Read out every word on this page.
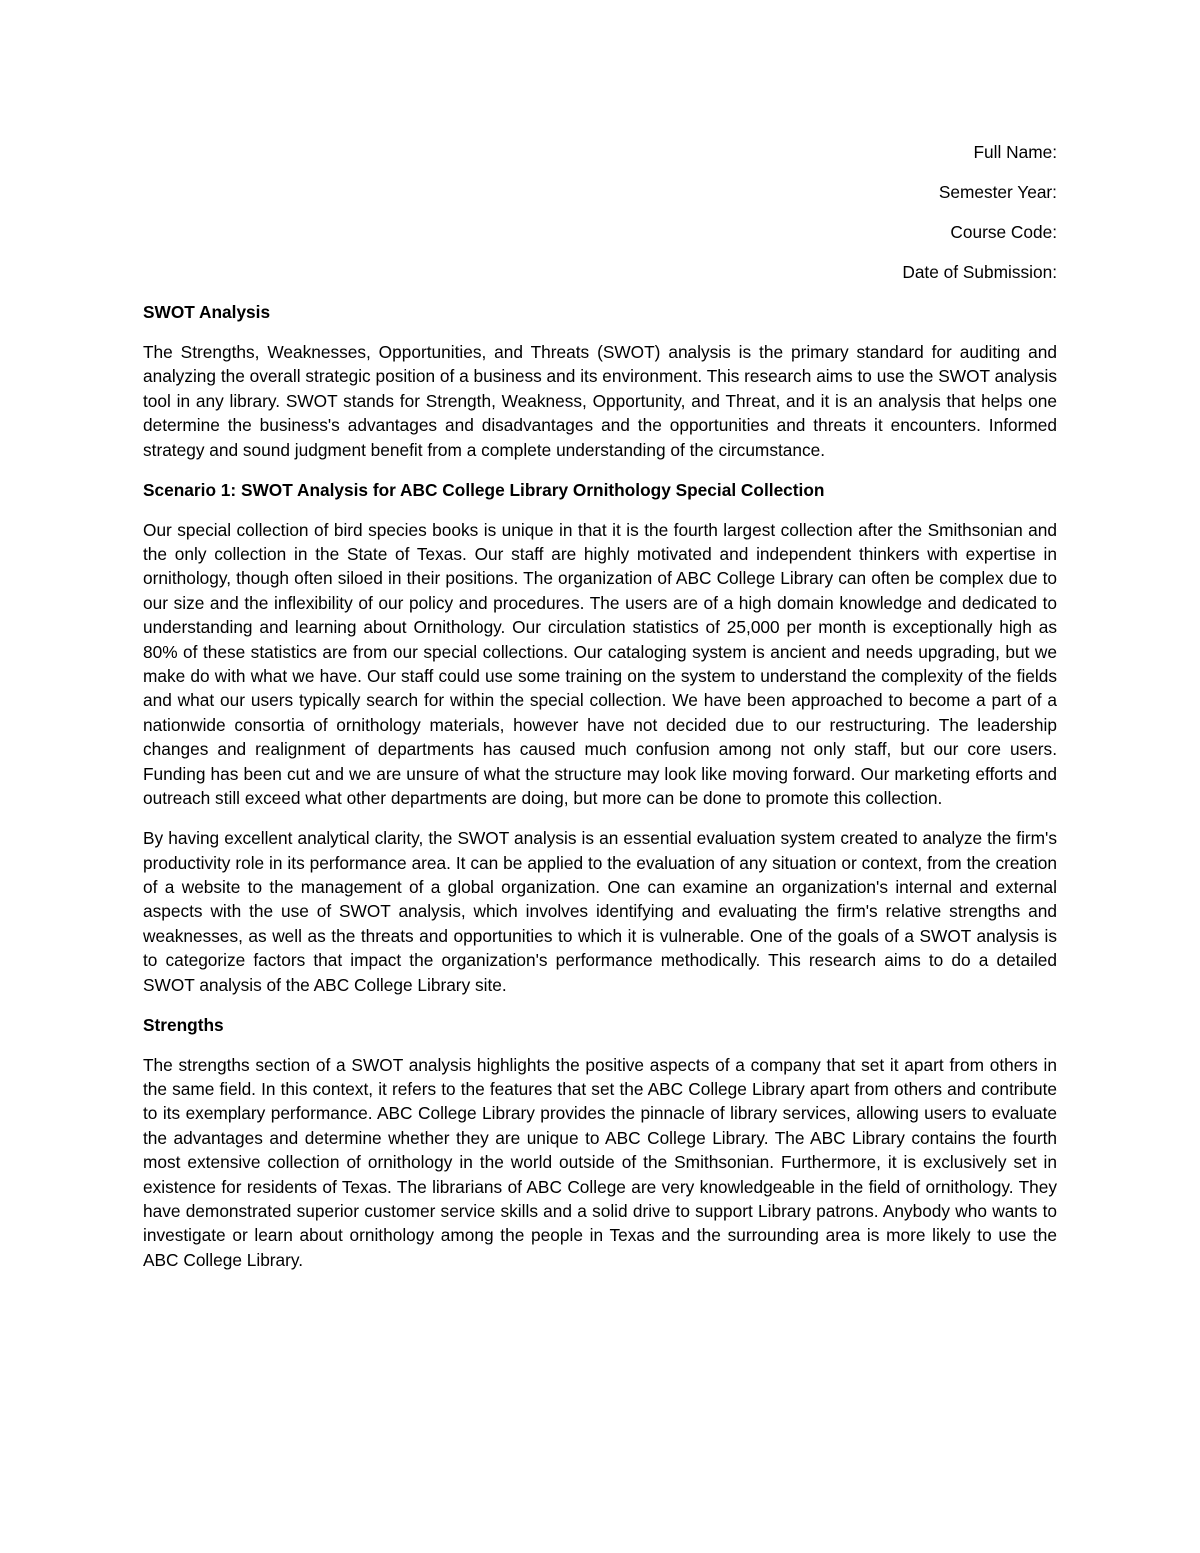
Full Name:

Semester Year:

Course Code:

Date of Submission:

SWOT Analysis

The Strengths, Weaknesses, Opportunities, and Threats (SWOT) analysis is the primary standard for auditing and analyzing the overall strategic position of a business and its environment. This research aims to use the SWOT analysis tool in any library. SWOT stands for Strength, Weakness, Opportunity, and Threat, and it is an analysis that helps one determine the business's advantages and disadvantages and the opportunities and threats it encounters. Informed strategy and sound judgment benefit from a complete understanding of the circumstance.

Scenario 1: SWOT Analysis for ABC College Library Ornithology Special Collection

Our special collection of bird species books is unique in that it is the fourth largest collection after the Smithsonian and the only collection in the State of Texas. Our staff are highly motivated and independent thinkers with expertise in ornithology, though often siloed in their positions. The organization of ABC College Library can often be complex due to our size and the inflexibility of our policy and procedures. The users are of a high domain knowledge and dedicated to understanding and learning about Ornithology. Our circulation statistics of 25,000 per month is exceptionally high as 80% of these statistics are from our special collections. Our cataloging system is ancient and needs upgrading, but we make do with what we have. Our staff could use some training on the system to understand the complexity of the fields and what our users typically search for within the special collection. We have been approached to become a part of a nationwide consortia of ornithology materials, however have not decided due to our restructuring. The leadership changes and realignment of departments has caused much confusion among not only staff, but our core users. Funding has been cut and we are unsure of what the structure may look like moving forward. Our marketing efforts and outreach still exceed what other departments are doing, but more can be done to promote this collection.

By having excellent analytical clarity, the SWOT analysis is an essential evaluation system created to analyze the firm's productivity role in its performance area. It can be applied to the evaluation of any situation or context, from the creation of a website to the management of a global organization. One can examine an organization's internal and external aspects with the use of SWOT analysis, which involves identifying and evaluating the firm's relative strengths and weaknesses, as well as the threats and opportunities to which it is vulnerable. One of the goals of a SWOT analysis is to categorize factors that impact the organization's performance methodically. This research aims to do a detailed SWOT analysis of the ABC College Library site.

Strengths

The strengths section of a SWOT analysis highlights the positive aspects of a company that set it apart from others in the same field. In this context, it refers to the features that set the ABC College Library apart from others and contribute to its exemplary performance. ABC College Library provides the pinnacle of library services, allowing users to evaluate the advantages and determine whether they are unique to ABC College Library. The ABC Library contains the fourth most extensive collection of ornithology in the world outside of the Smithsonian. Furthermore, it is exclusively set in existence for residents of Texas. The librarians of ABC College are very knowledgeable in the field of ornithology. They have demonstrated superior customer service skills and a solid drive to support Library patrons. Anybody who wants to investigate or learn about ornithology among the people in Texas and the surrounding area is more likely to use the ABC College Library.
